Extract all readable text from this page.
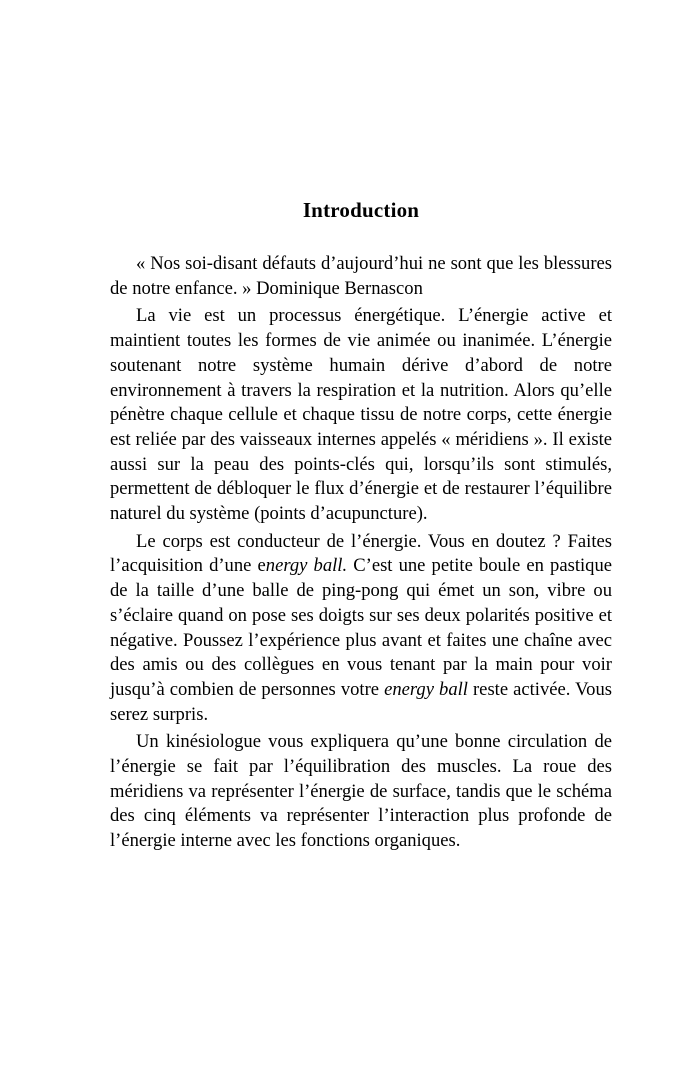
Introduction

« Nos soi-disant défauts d’aujourd’hui ne sont que les blessures de notre enfance. » Dominique Bernascon

La vie est un processus énergétique. L’énergie active et maintient toutes les formes de vie animée ou inanimée. L’énergie soutenant notre système humain dérive d’abord de notre environnement à travers la respiration et la nutrition. Alors qu’elle pénètre chaque cellule et chaque tissu de notre corps, cette énergie est reliée par des vaisseaux internes appelés « méridiens ». Il existe aussi sur la peau des points-clés qui, lorsqu’ils sont stimulés, permettent de débloquer le flux d’énergie et de restaurer l’équilibre naturel du système (points d’acupuncture).

Le corps est conducteur de l’énergie. Vous en doutez ? Faites l’acquisition d’une energy ball. C’est une petite boule en pastique de la taille d’une balle de ping-pong qui émet un son, vibre ou s’éclaire quand on pose ses doigts sur ses deux polarités positive et négative. Poussez l’expérience plus avant et faites une chaîne avec des amis ou des collègues en vous tenant par la main pour voir jusqu’à combien de personnes votre energy ball reste activée. Vous serez surpris.

Un kinésiologue vous expliquera qu’une bonne circulation de l’énergie se fait par l’équilibration des muscles. La roue des méridiens va représenter l’énergie de surface, tandis que le schéma des cinq éléments va représenter l’interaction plus profonde de l’énergie interne avec les fonctions organiques.
